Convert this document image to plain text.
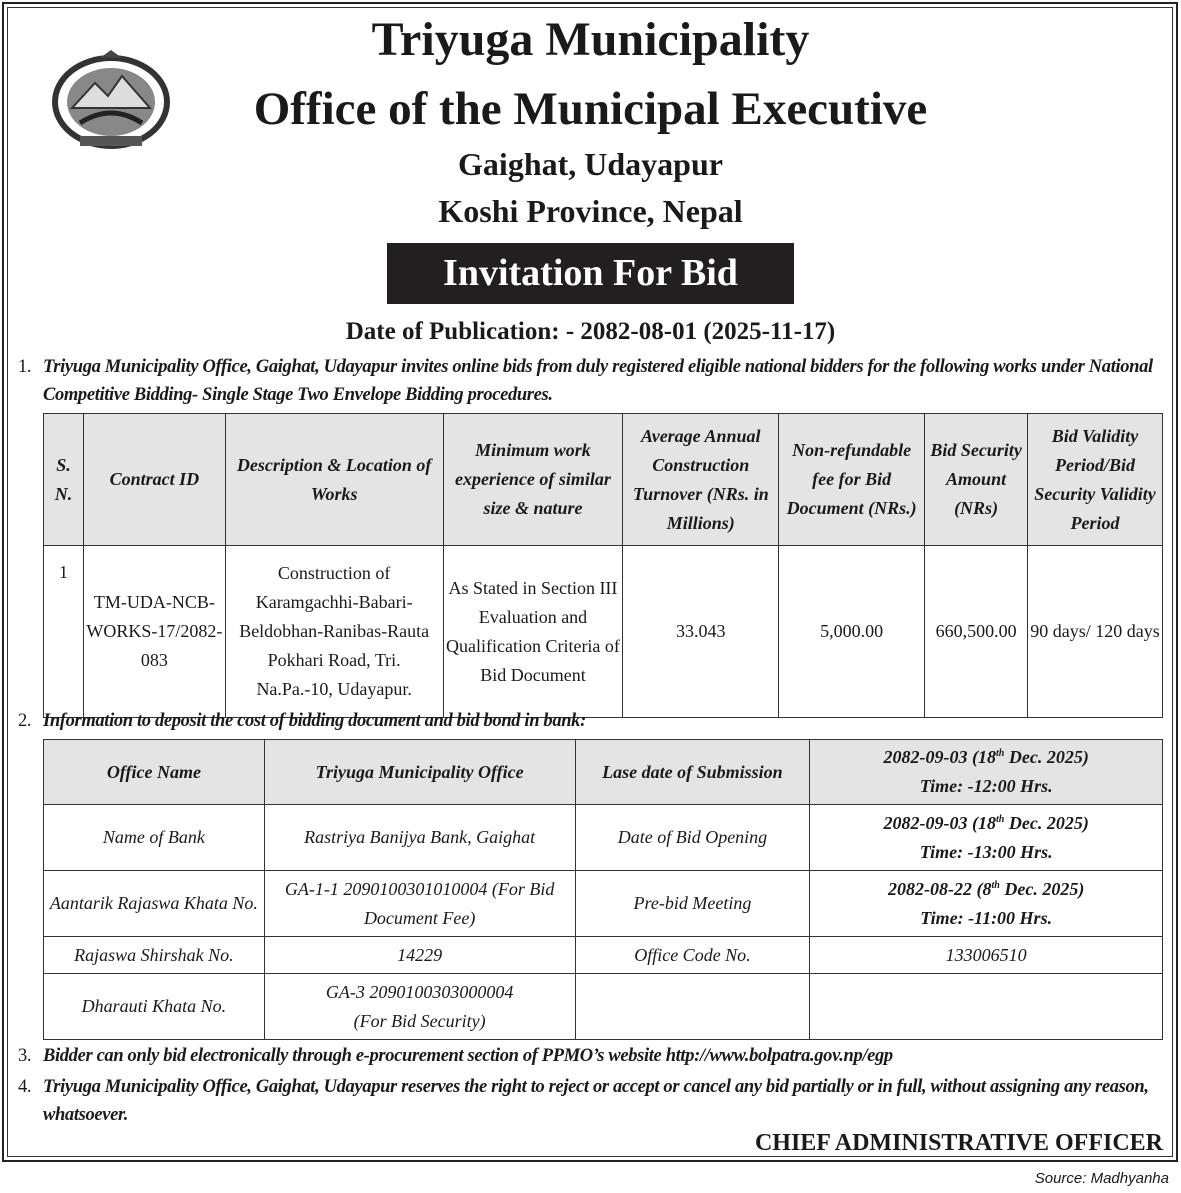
Triyuga Municipality
Office of the Municipal Executive
Gaighat, Udayapur
Koshi Province, Nepal
Invitation For Bid
Date of Publication: - 2082-08-01 (2025-11-17)
1. Triyuga Municipality Office, Gaighat, Udayapur invites online bids from duly registered eligible national bidders for the following works under National Competitive Bidding- Single Stage Two Envelope Bidding procedures.
S. N.	Contract ID	Description & Location of Works	Minimum work experience of similar size & nature	Average Annual Construction Turnover (NRs. in Millions)	Non-refundable fee for Bid Document (NRs.)	Bid Security Amount (NRs)	Bid Validity Period/Bid Security Validity Period
1	TM-UDA-NCB-WORKS-17/2082-083	Construction of Karamgachhi-Babari-Beldobhan-Ranibas-Rauta Pokhari Road, Tri. Na.Pa.-10, Udayapur.	As Stated in Section III Evaluation and Qualification Criteria of Bid Document	33.043	5,000.00	660,500.00	90 days/ 120 days
2. Information to deposit the cost of bidding document and bid bond in bank:
Office Name	Triyuga Municipality Office	Lase date of Submission	2082-09-03 (18th Dec. 2025)
Time: -12:00 Hrs.
Name of Bank	Rastriya Banijya Bank, Gaighat	Date of Bid Opening	2082-09-03 (18th Dec. 2025)
Time: -13:00 Hrs.
Aantarik Rajaswa Khata No.	GA-1-1 2090100301010004 (For Bid Document Fee)	Pre-bid Meeting	2082-08-22 (8th Dec. 2025)
Time: -11:00 Hrs.
Rajaswa Shirshak No.	14229	Office Code No.	133006510
Dharauti Khata No.	GA-3 2090100303000004
(For Bid Security)		
3. Bidder can only bid electronically through e-procurement section of PPMO’s website http://www.bolpatra.gov.np/egp
4. Triyuga Municipality Office, Gaighat, Udayapur reserves the right to reject or accept or cancel any bid partially or in full, without assigning any reason, whatsoever.
CHIEF ADMINISTRATIVE OFFICER
Source: Madhyanha
